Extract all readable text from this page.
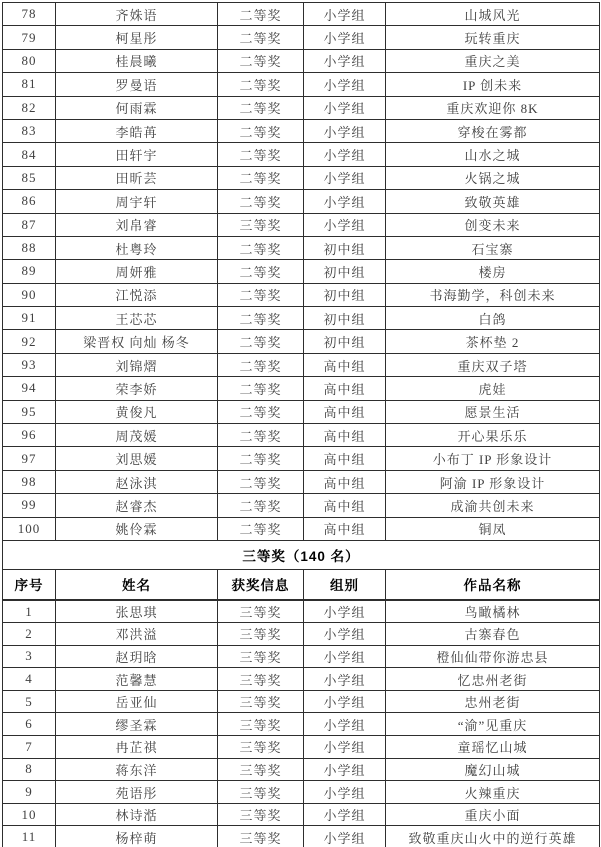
78	齐姝语	二等奖	小学组	山城风光
79	柯星彤	二等奖	小学组	玩转重庆
80	桂晨曦	二等奖	小学组	重庆之美
81	罗曼语	二等奖	小学组	IP 创未来
82	何雨霖	二等奖	小学组	重庆欢迎你 8K
83	李皓苒	二等奖	小学组	穿梭在雾都
84	田轩宇	二等奖	小学组	山水之城
85	田昕芸	二等奖	小学组	火锅之城
86	周宇轩	二等奖	小学组	致敬英雄
87	刘帛睿	三等奖	小学组	创变未来
88	杜粤玲	二等奖	初中组	石宝寨
89	周妍雅	二等奖	初中组	楼房
90	江悦添	二等奖	初中组	书海勤学，科创未来
91	王芯芯	二等奖	初中组	白鸽
92	梁晋权 向灿 杨冬	二等奖	初中组	茶杯垫 2
93	刘锦熠	二等奖	高中组	重庆双子塔
94	荣李娇	二等奖	高中组	虎娃
95	黄俊凡	二等奖	高中组	愿景生活
96	周茂媛	二等奖	高中组	开心果乐乐
97	刘思媛	二等奖	高中组	小布丁 IP 形象设计
98	赵泳淇	二等奖	高中组	阿渝 IP 形象设计
99	赵睿杰	二等奖	高中组	成渝共创未来
100	姚伶霖	二等奖	高中组	铜凤
三等奖（140 名）				
序号	姓名	获奖信息	组别	作品名称
1	张思琪	三等奖	小学组	鸟瞰橘林
2	邓洪溢	三等奖	小学组	古寨春色
3	赵玥晗	三等奖	小学组	橙仙仙带你游忠县
4	范馨慧	三等奖	小学组	忆忠州老街
5	岳亚仙	三等奖	小学组	忠州老街
6	缪圣霖	三等奖	小学组	“渝”见重庆
7	冉芷祺	三等奖	小学组	童瑶忆山城
8	蒋东洋	三等奖	小学组	魔幻山城
9	苑语彤	三等奖	小学组	火辣重庆
10	林诗湉	三等奖	小学组	重庆小面
11	杨梓萌	三等奖	小学组	致敬重庆山火中的逆行英雄
